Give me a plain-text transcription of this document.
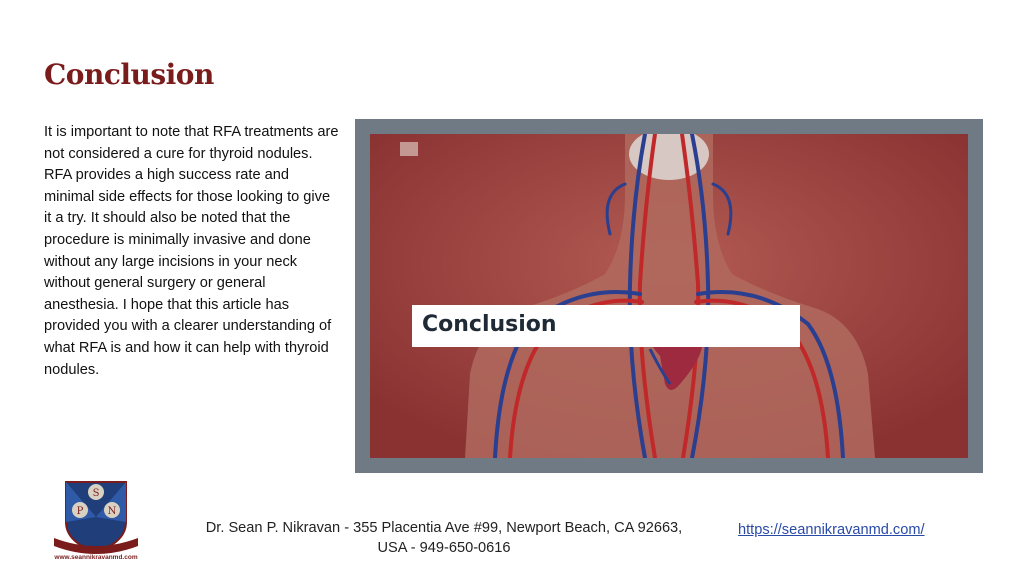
Conclusion
It is important to note that RFA treatments are not considered a cure for thyroid nodules. RFA provides a high success rate and minimal side effects for those looking to give it a try. It should also be noted that the procedure is minimally invasive and done without any large incisions in your neck without general surgery or general anesthesia. I hope that this article has provided you with a clearer understanding of what RFA is and how it can help with thyroid nodules.
Conclusion
S
P N
www.seannikravanmd.com
Dr. Sean P. Nikravan - 355 Placentia Ave #99, Newport Beach, CA 92663,
USA - 949-650-0616
https://seannikravanmd.com/
